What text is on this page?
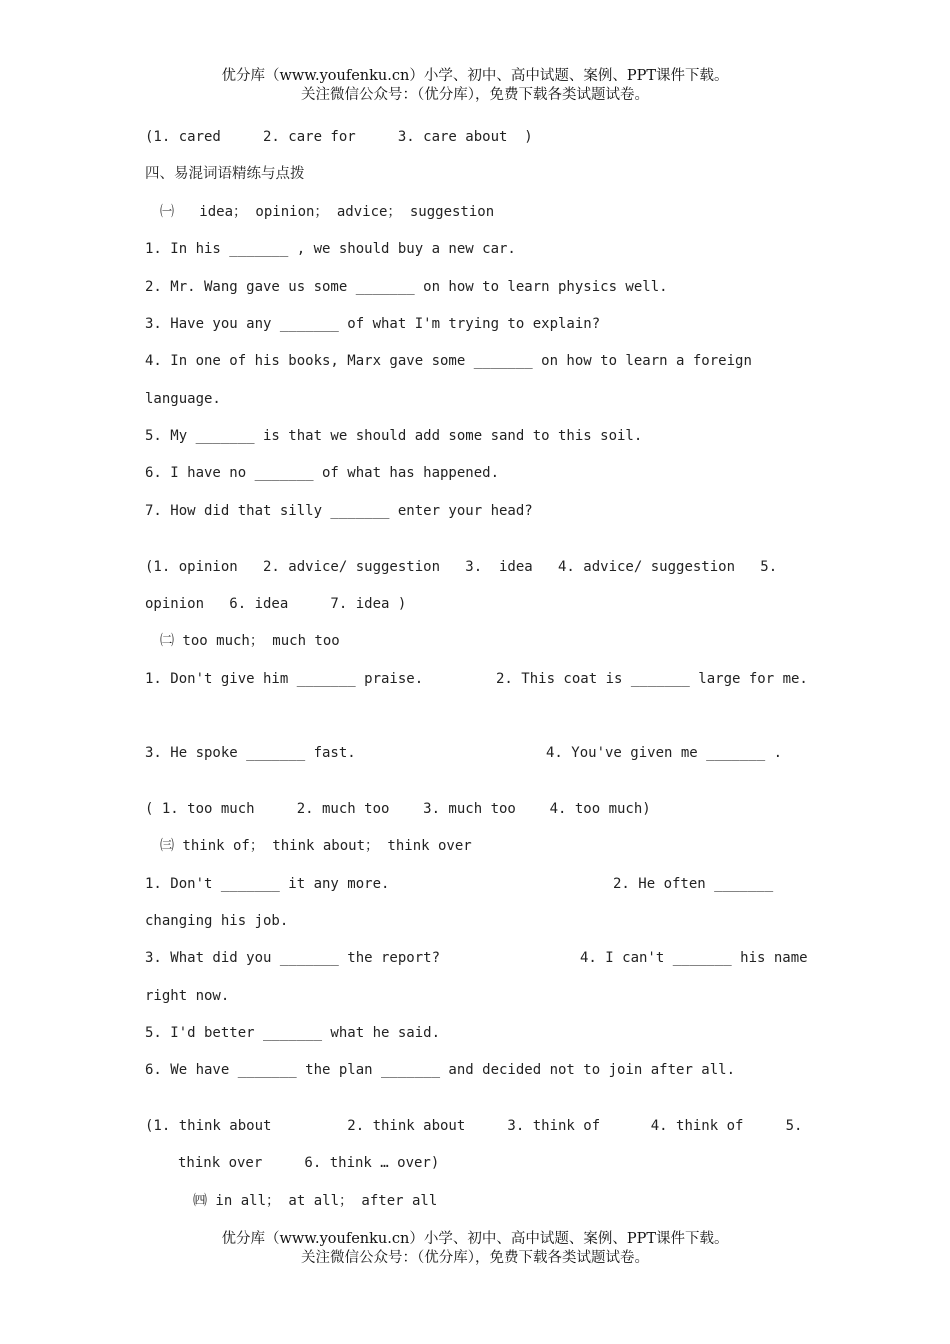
优分库（www.youfenku.cn）小学、初中、高中试题、案例、PPT课件下载。
关注微信公众号：（优分库），免费下载各类试题试卷。
(1. cared     2. care for     3. care about  )
四、易混词语精练与点拨
㈠   idea； opinion； advice； suggestion
1. In his _______ , we should buy a new car.
2. Mr. Wang gave us some _______ on how to learn physics well.
3. Have you any _______ of what I'm trying to explain?
4. In one of his books, Marx gave some _______ on how to learn a foreign
language.
5. My _______ is that we should add some sand to this soil.
6. I have no _______ of what has happened.
7. How did that silly _______ enter your head?
(1. opinion   2. advice/ suggestion   3.  idea   4. advice/ suggestion   5.
opinion   6. idea     7. idea )
㈡ too much； much too
1. Don't give him _______ praise.	2. This coat is _______ large for me.
3. He spoke _______ fast.	4. You've given me _______ .
( 1. too much     2. much too    3. much too    4. too much)
㈢ think of； think about； think over
1. Don't _______ it any more.	2. He often _______
changing his job.
3. What did you _______ the report?	4. I can't _______ his name
right now.
5. I'd better _______ what he said.
6. We have _______ the plan _______ and decided not to join after all.
(1. think about         2. think about     3. think of      4. think of     5.
think over     6. think … over)
㈣ in all； at all； after all
优分库（www.youfenku.cn）小学、初中、高中试题、案例、PPT课件下载。
关注微信公众号：（优分库），免费下载各类试题试卷。
